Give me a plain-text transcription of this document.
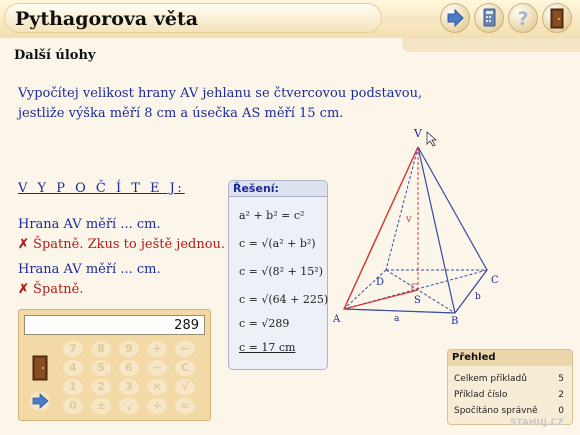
Pythagorova věta	?
Další úlohy
Vypočítej velikost hrany AV jehlanu se čtvercovou podstavou,
jestliže výška měří 8 cm a úsečka AS měří 15 cm.
V Y P O Č Í T E J:
Hrana AV měří ... cm.
✗ Špatně. Zkus to ještě jednou.
Hrana AV měří ... cm.
✗ Špatně.
Řešení:
a² + b² = c²
c = √(a² + b²)
c = √(8² + 15²)
c = √(64 + 225)
c = √289
c = 17 cm
V
v
A	B
C
D
S
a
b
289
7	8	9	+	←
4	5	6	−	C
1	2	3	×	√
0	±	,	÷	=
Přehled
Celkem příkladů	5
Příklad číslo	2
Spočítáno správně 0
STAHUJ.CZ
